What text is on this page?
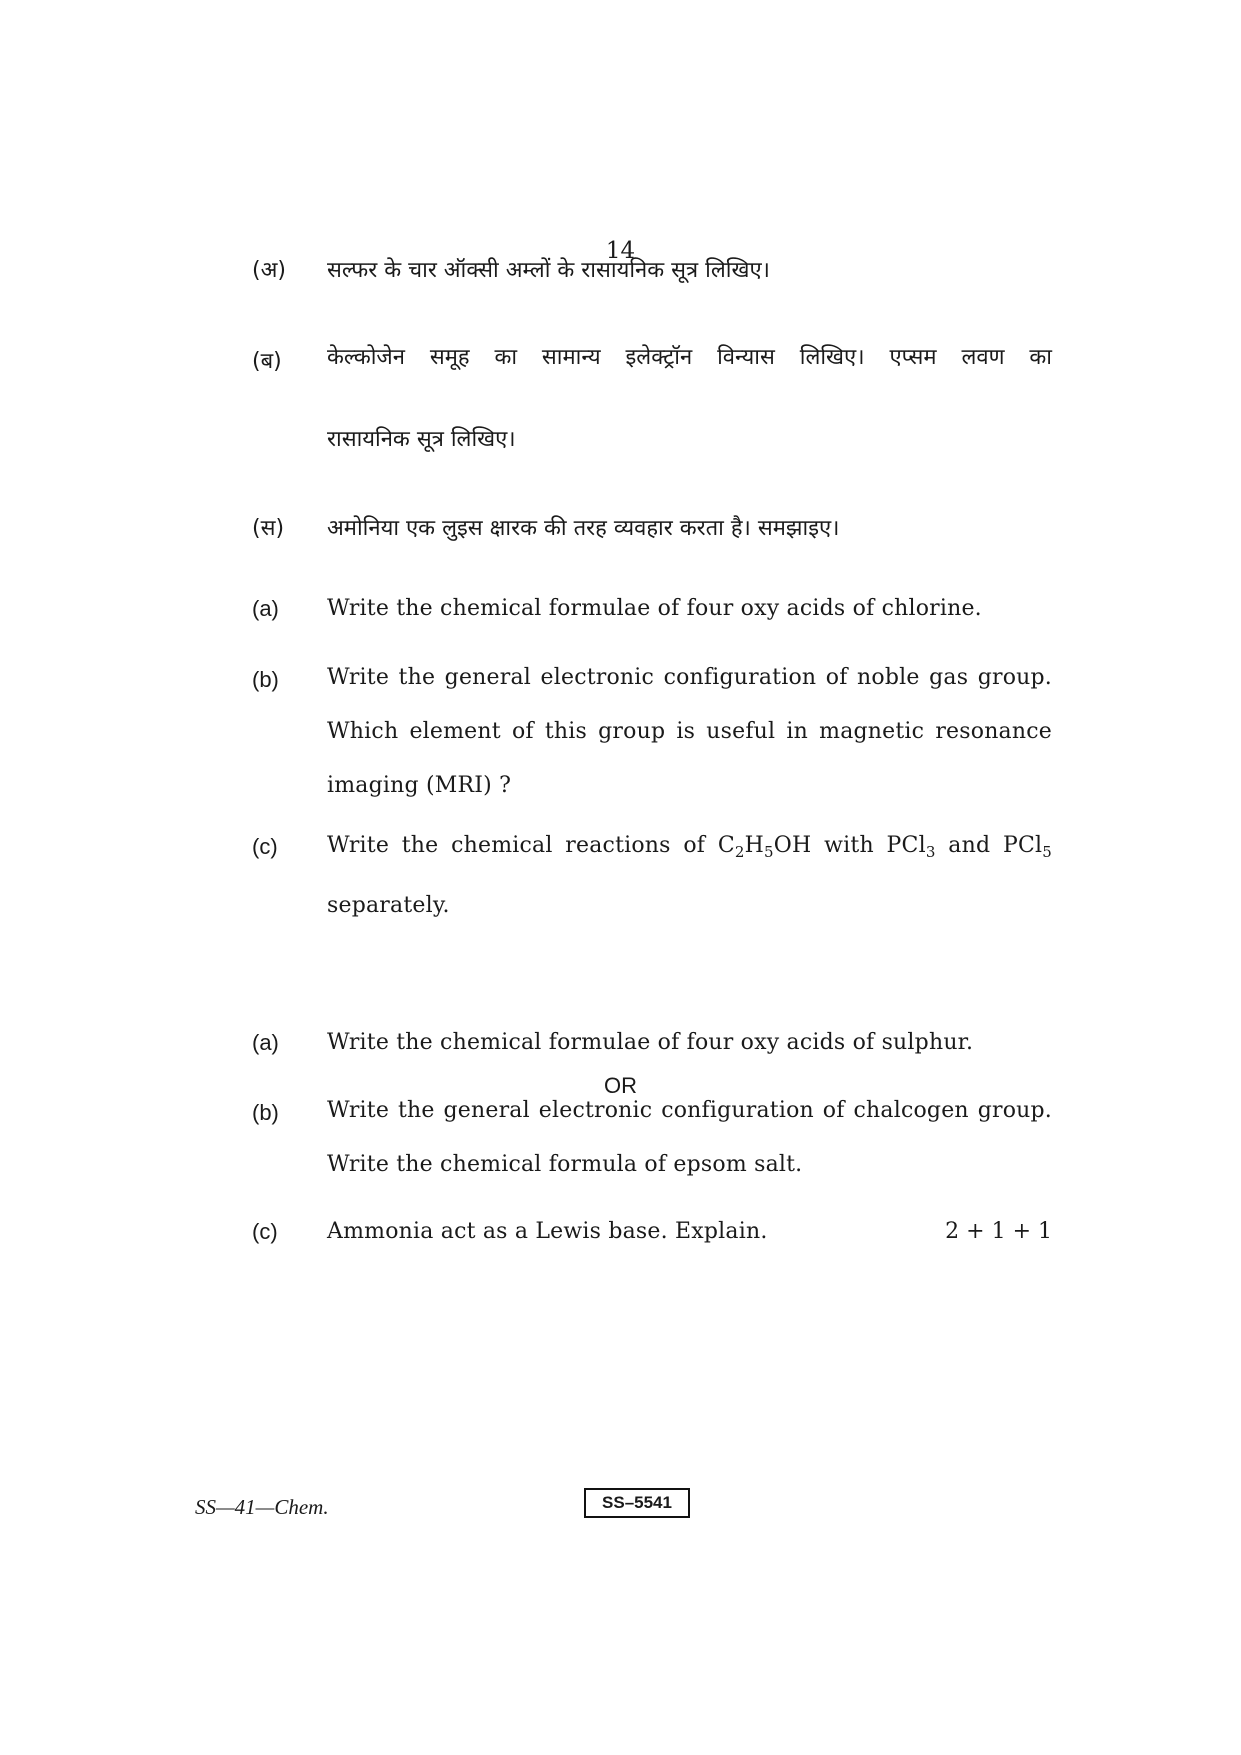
14
(अ)	सल्फर के चार ऑक्सी अम्लों के रासायनिक सूत्र लिखिए।
(ब)	केल्कोजेन समूह का सामान्य इलेक्ट्रॉन विन्यास लिखिए। एप्सम लवण का
रासायनिक सूत्र लिखिए।
(स)	अमोनिया एक लुइस क्षारक की तरह व्यवहार करता है। समझाइए।
(a)	Write the chemical formulae of four oxy acids of chlorine.
(b)	Write the general electronic configuration of noble gas group.
Which element of this group is useful in magnetic resonance
imaging (MRI) ?
(c)	Write the chemical reactions of $C_2H_5OH$ with PCl$_3$ and PCl$_5$
separately.
OR
(a)	Write the chemical formulae of four oxy acids of sulphur.
(b)	Write the general electronic configuration of chalcogen group.
Write the chemical formula of epsom salt.
(c)	Ammonia act as a Lewis base. Explain.	2 + 1 + 1
SS—41—Chem.	SS–5541
